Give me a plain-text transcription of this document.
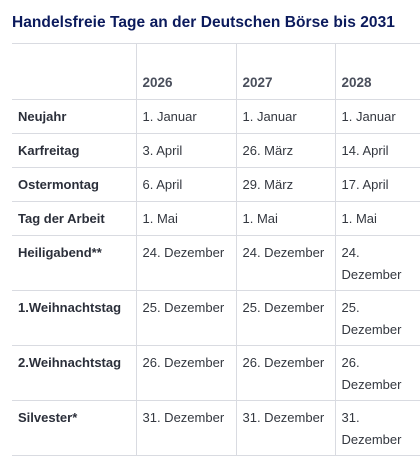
Handelsfreie Tage an der Deutschen Börse bis 2031
	2026	2027	2028
Neujahr	1. Januar	1. Januar	1. Januar
Karfreitag	3. April	26. März	14. April
Ostermontag	6. April	29. März	17. April
Tag der Arbeit	1. Mai	1. Mai	1. Mai
Heiligabend**	24. Dezember	24. Dezember	24. Dezember
1.Weihnachtstag	25. Dezember	25. Dezember	25. Dezember
2.Weihnachtstag	26. Dezember	26. Dezember	26. Dezember
Silvester*	31. Dezember	31. Dezember	31. Dezember
